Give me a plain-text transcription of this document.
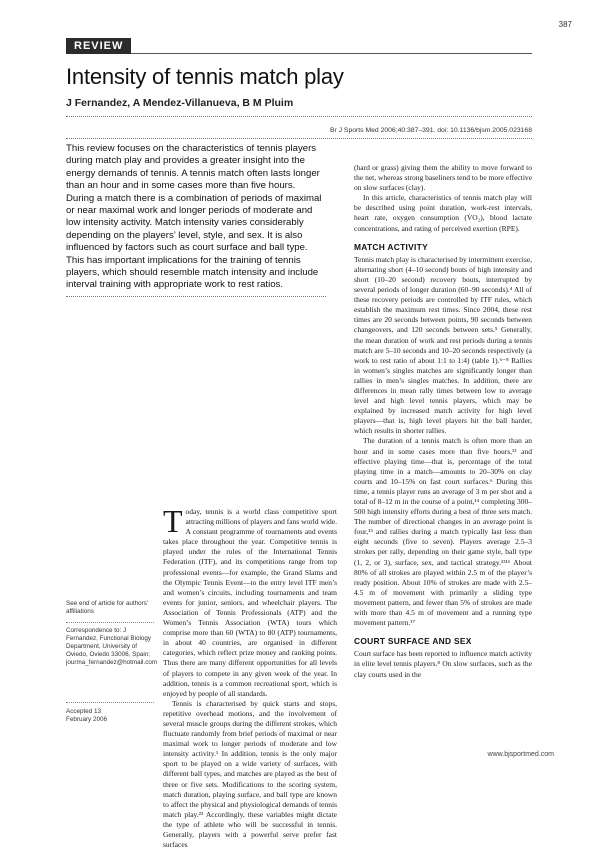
387
REVIEW
Intensity of tennis match play
J Fernandez, A Mendez-Villanueva, B M Pluim
Br J Sports Med 2006;40:387–391. doi: 10.1136/bjsm.2005.023168

This review focuses on the characteristics of tennis players during match play and provides a greater insight into the energy demands of tennis. A tennis match often lasts longer than an hour and in some cases more than five hours. During a match there is a combination of periods of maximal or near maximal work and longer periods of moderate and low intensity activity. Match intensity varies considerably depending on the players’ level, style, and sex. It is also influenced by factors such as court surface and ball type. This has important implications for the training of tennis players, which should resemble match intensity and include interval training with appropriate work to rest ratios.

See end of article for authors’ affiliations
Correspondence to: J Fernandez, Functional Biology Department, University of Oviedo, Oviedo 33006, Spain; jourma_fernandez@hotmail.com
Accepted 13 February 2006

Today, tennis is a world class competitive sport attracting millions of players and fans world wide. A constant programme of tournaments and events takes place throughout the year. Competitive tennis is played under the rules of the International Tennis Federation (ITF), and its competitions range from top professional events—for example, the Grand Slams and the Olympic Tennis Event—to the entry level ITF men’s and women’s circuits, including tournaments and team events for junior, seniors, and wheelchair players. The Association of Tennis Professionals (ATP) and the Women’s Tennis Association (WTA) tours which comprise more than 60 (WTA) to 80 (ATP) tournaments, in about 40 countries, are organised in different categories, which reflect prize money and ranking points. Thus there are many different opportunities for all levels of players to compete in any given week of the year. In addition, tennis is a common recreational sport, which is enjoyed by people of all standards.

Tennis is characterised by quick starts and stops, repetitive overhead motions, and the involvement of several muscle groups during the different strokes, which fluctuate randomly from brief periods of maximal or near maximal work to longer periods of moderate and low intensity activity.¹ In addition, tennis is the only major sport to be played on a wide variety of surfaces, with different ball types, and matches are played as the best of three or five sets. Modifications to the scoring system, match duration, playing surface, and ball type are known to affect the physical and physiological demands of tennis match play.²³ Accordingly, these variables might dictate the type of athlete who will be successful in tennis. Generally, players with a powerful serve prefer fast surfaces

(hard or grass) giving them the ability to move forward to the net, whereas strong baseliners tend to be more effective on slow surfaces (clay).

In this article, characteristics of tennis match play will be described using point duration, work-rest intervals, heart rate, oxygen consumption (V̇O₂), blood lactate concentrations, and rating of perceived exertion (RPE).

MATCH ACTIVITY

Tennis match play is characterised by intermittent exercise, alternating short (4–10 second) bouts of high intensity and short (10–20 second) recovery bouts, interrupted by several periods of longer duration (60–90 seconds).⁴ All of these recovery periods are controlled by ITF rules, which establish the maximum rest times. Since 2004, these rest times are 20 seconds between points, 90 seconds between changeovers, and 120 seconds between sets.⁵ Generally, the mean duration of work and rest periods during a tennis match are 5–10 seconds and 10–20 seconds respectively (a work to rest ratio of about 1:1 to 1:4) (table 1).⁶⁻⁸ Rallies in women’s singles matches are significantly longer than rallies in men’s singles matches. In addition, there are differences in mean rally times between low to average level and high level tennis players, which may be explained by increased match activity for high level players—that is, high level players hit the ball harder, which results in shorter rallies.

The duration of a tennis match is often more than an hour and in some cases more than five hours,¹³ and effective playing time—that is, percentage of the total playing time in a match—amounts to 20–30% on clay courts and 10–15% on fast court surfaces.⁶ During this time, a tennis player runs an average of 3 m per shot and a total of 8–12 m in the course of a point,¹⁴ completing 300–500 high intensity efforts during a best of three sets match. The number of directional changes in an average point is four,¹⁵ and rallies during a match typically last less than eight seconds (five to seven). Players average 2.5–3 strokes per rally, depending on their game style, ball type (1, 2, or 3), surface, sex, and tactical strategy.²³¹⁶ About 80% of all strokes are played within 2.5 m of the player’s ready position. About 10% of strokes are made with 2.5–4.5 m of movement with primarily a sliding type movement pattern, and fewer than 5% of strokes are made with more than 4.5 m of movement and a running type movement pattern.¹⁷

COURT SURFACE AND SEX

Court surface has been reported to influence match activity in elite level tennis players.⁸ On slow surfaces, such as the clay courts used in the

www.bjsportmed.com
